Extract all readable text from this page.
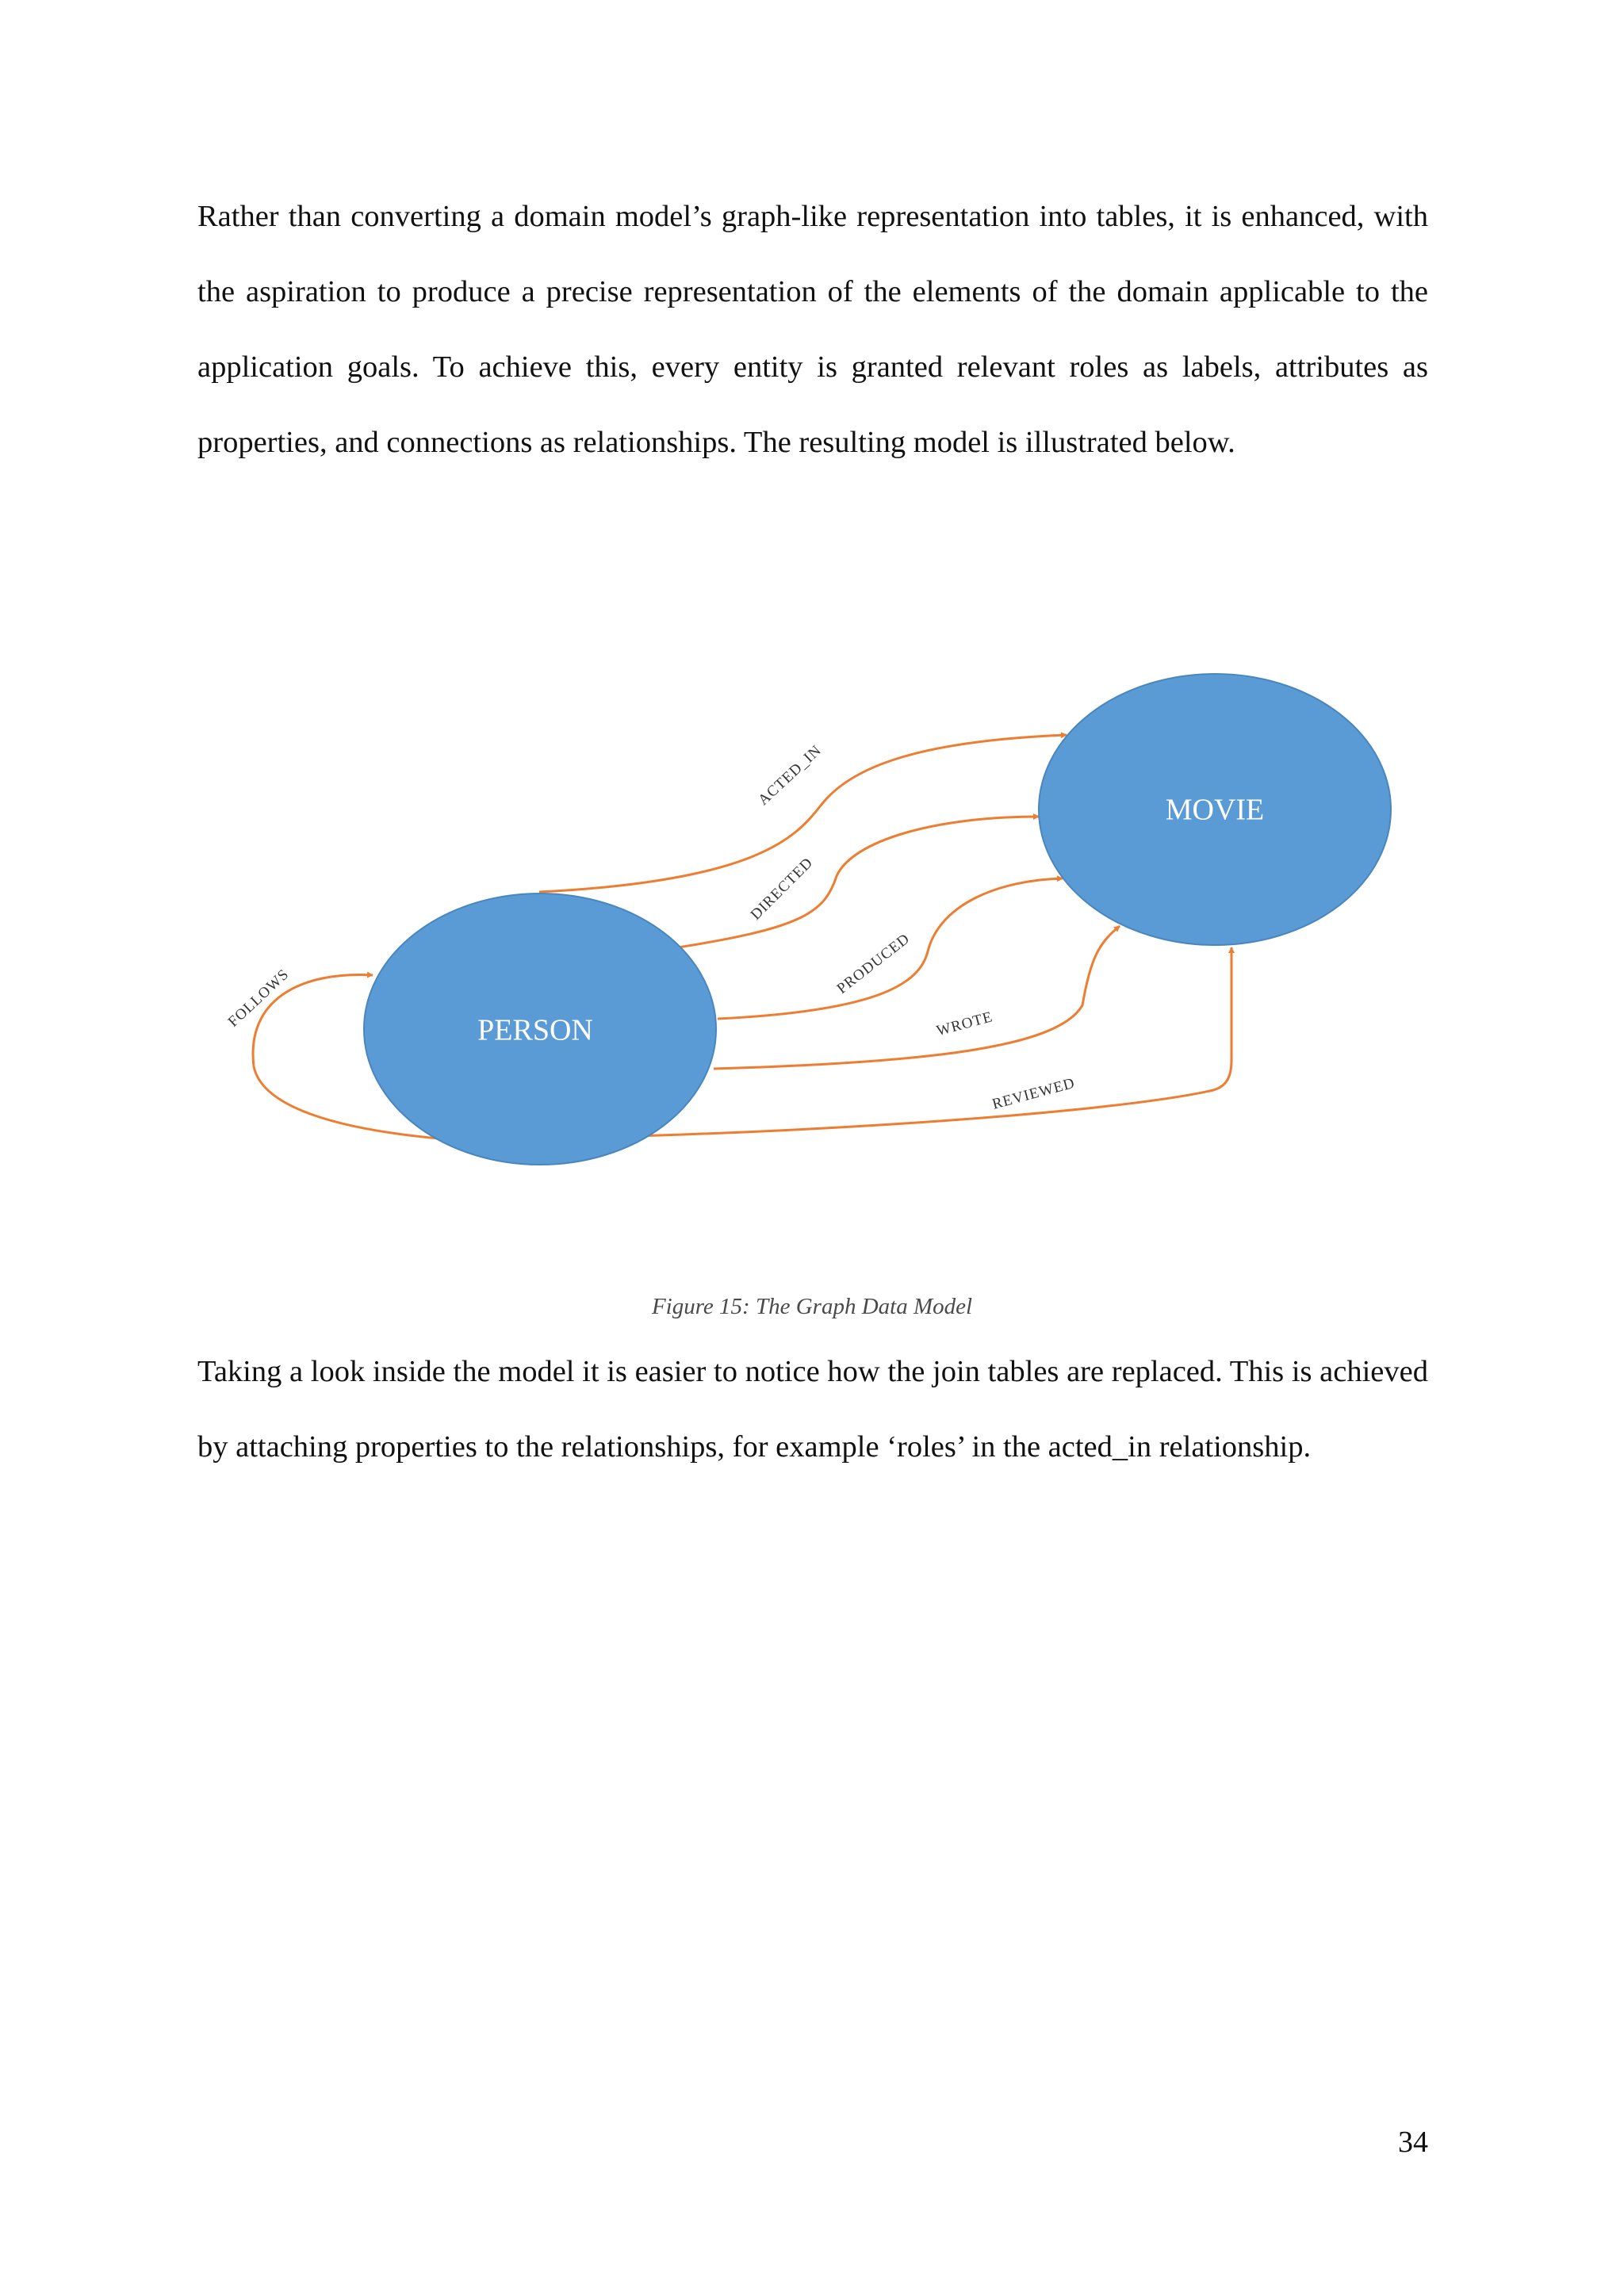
Rather than converting a domain model’s graph-like representation into tables, it is enhanced, with the aspiration to produce a precise representation of the elements of the domain applicable to the application goals. To achieve this, every entity is granted relevant roles as labels, attributes as properties, and connections as relationships. The resulting model is illustrated below.

PERSON
MOVIE
ACTED_IN
DIRECTED
PRODUCED
WROTE
REVIEWED
FOLLOWS
Figure 15: The Graph Data Model

Taking a look inside the model it is easier to notice how the join tables are replaced. This is achieved by attaching properties to the relationships, for example ‘roles’ in the acted_in relationship.

34
